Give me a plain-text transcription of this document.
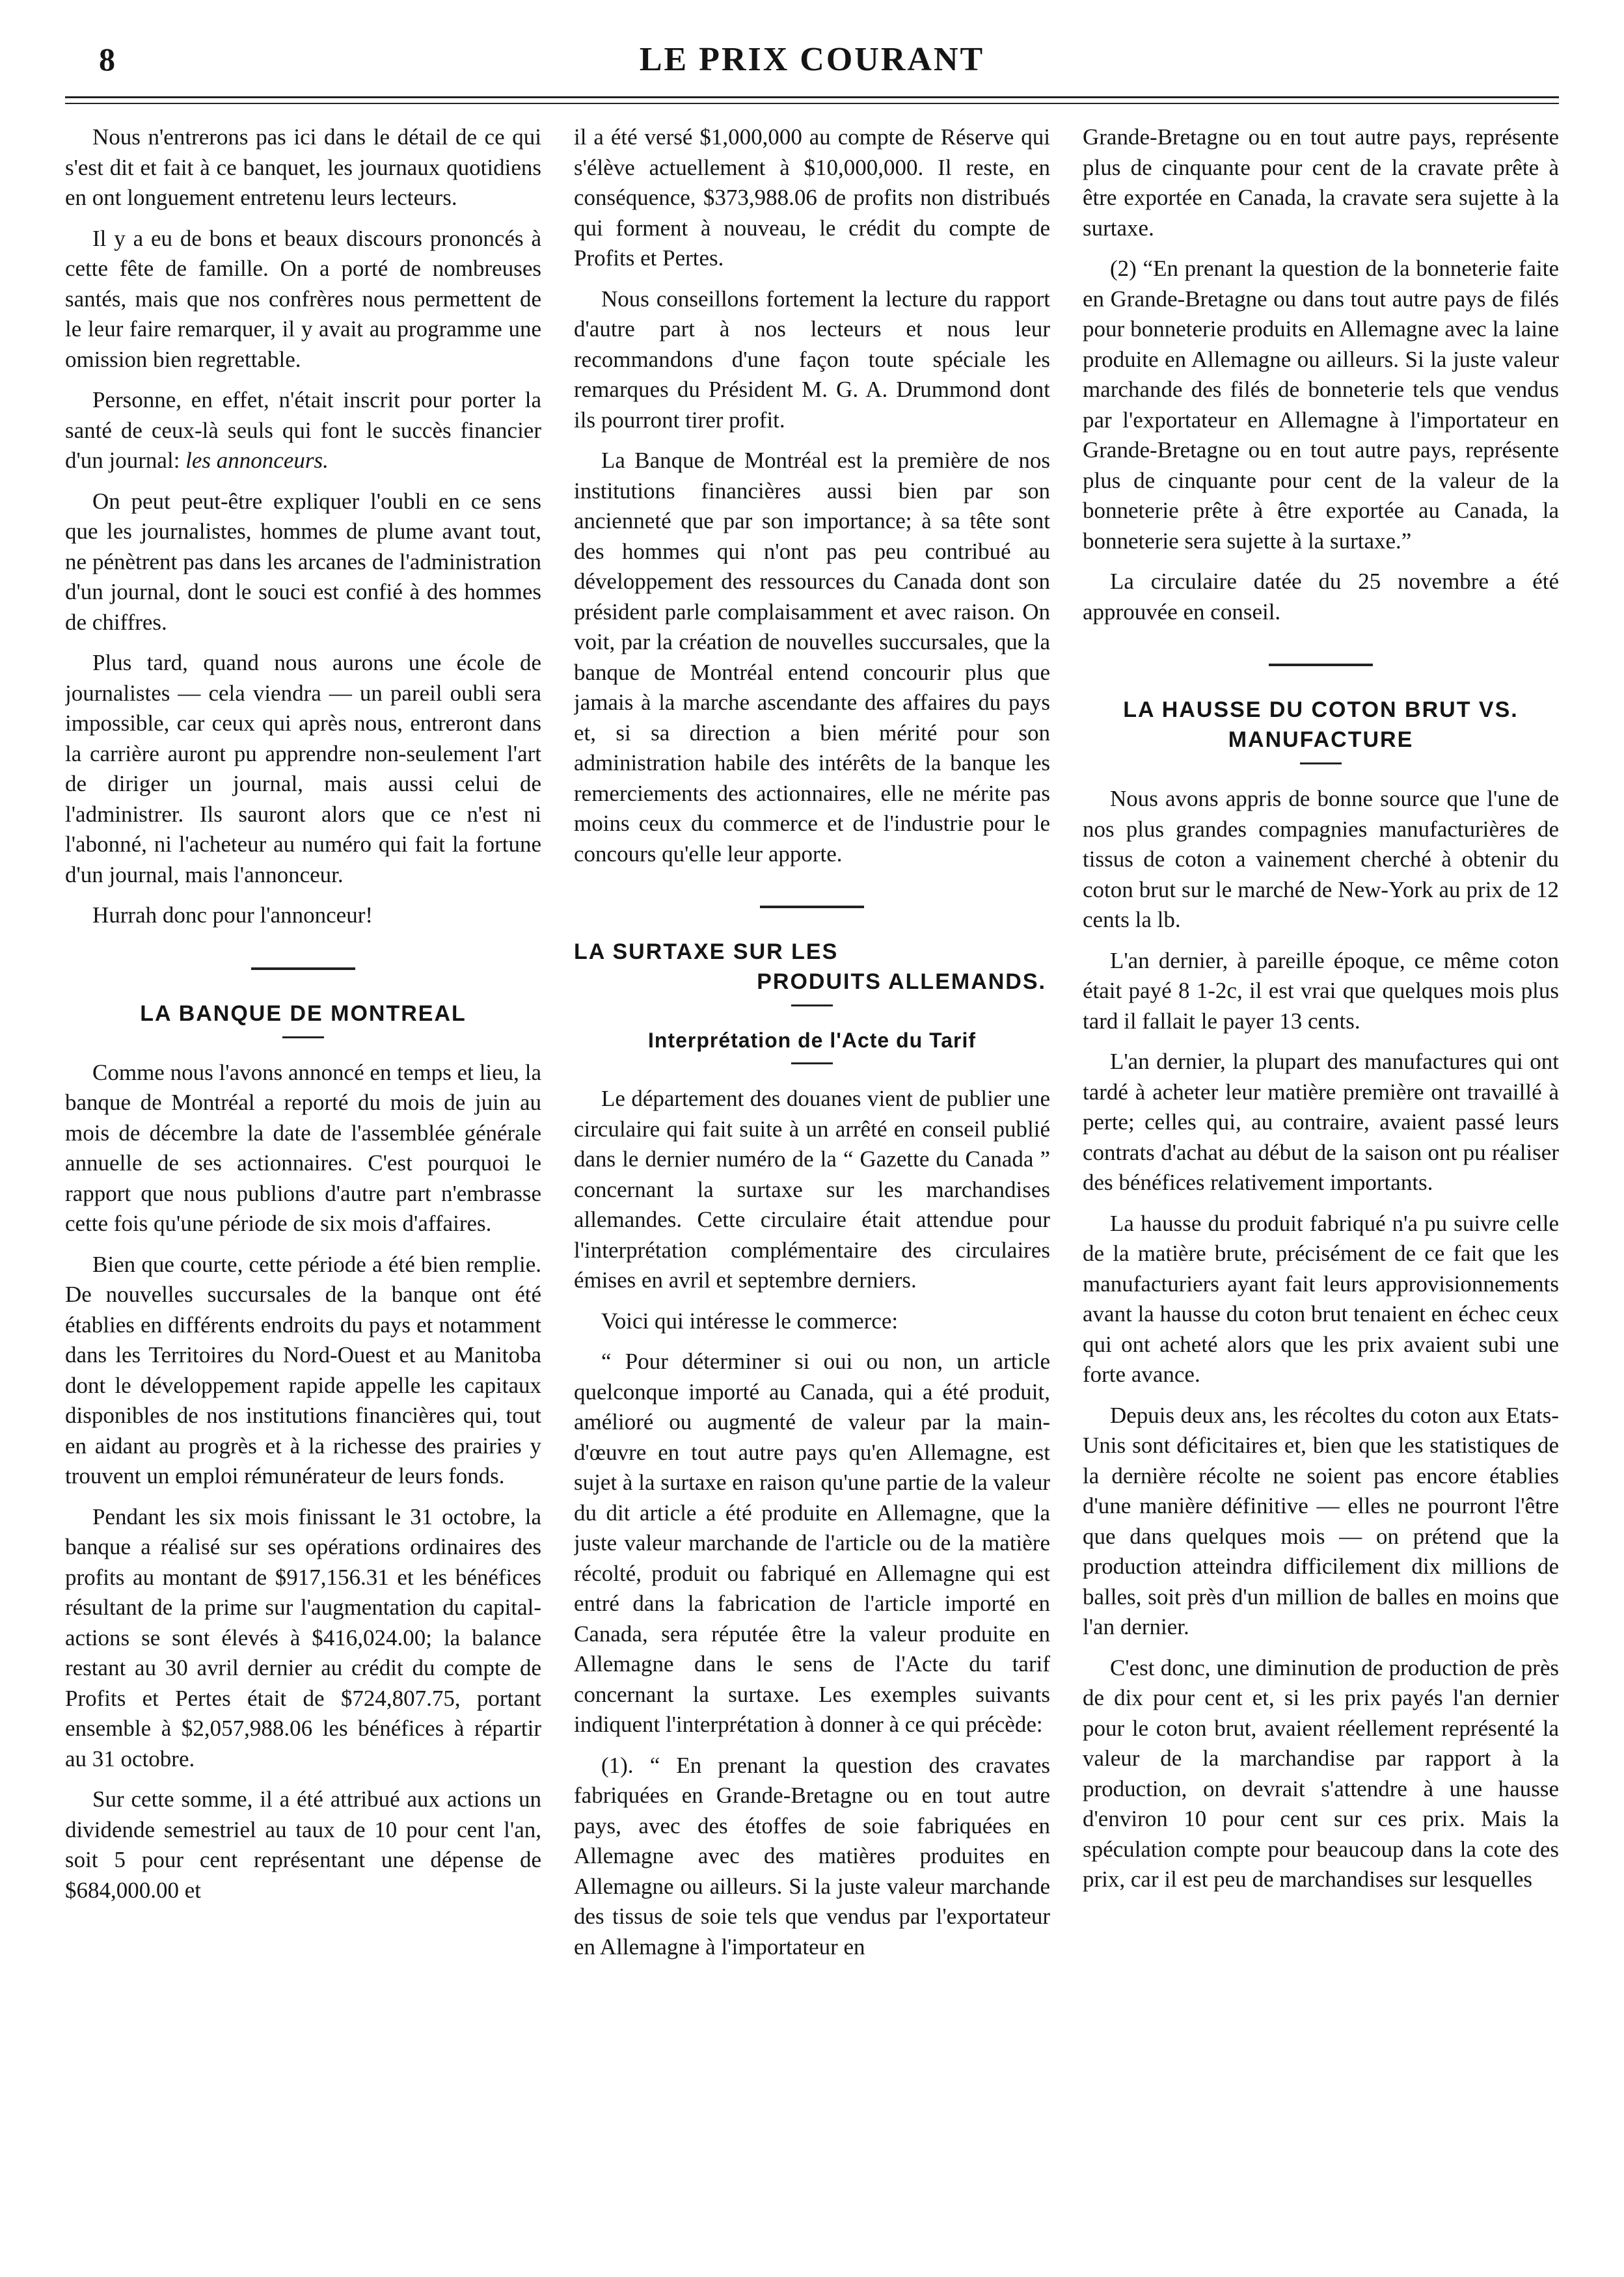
8	LE PRIX COURANT

Nous n'entrerons pas ici dans le détail de ce qui s'est dit et fait à ce banquet, les journaux quotidiens en ont longuement entretenu leurs lecteurs.

Il y a eu de bons et beaux discours prononcés à cette fête de famille. On a porté de nombreuses santés, mais que nos confrères nous permettent de le leur faire remarquer, il y avait au programme une omission bien regrettable.

Personne, en effet, n'était inscrit pour porter la santé de ceux-là seuls qui font le succès financier d'un journal: les annonceurs.

On peut peut-être expliquer l'oubli en ce sens que les journalistes, hommes de plume avant tout, ne pénètrent pas dans les arcanes de l'administration d'un journal, dont le souci est confié à des hommes de chiffres.

Plus tard, quand nous aurons une école de journalistes — cela viendra — un pareil oubli sera impossible, car ceux qui après nous, entreront dans la carrière auront pu apprendre non-seulement l'art de diriger un journal, mais aussi celui de l'administrer. Ils sauront alors que ce n'est ni l'abonné, ni l'acheteur au numéro qui fait la fortune d'un journal, mais l'annonceur.

Hurrah donc pour l'annonceur!

LA BANQUE DE MONTREAL

Comme nous l'avons annoncé en temps et lieu, la banque de Montréal a reporté du mois de juin au mois de décembre la date de l'assemblée générale annuelle de ses actionnaires. C'est pourquoi le rapport que nous publions d'autre part n'embrasse cette fois qu'une période de six mois d'affaires.

Bien que courte, cette période a été bien remplie. De nouvelles succursales de la banque ont été établies en différents endroits du pays et notamment dans les Territoires du Nord-Ouest et au Manitoba dont le développement rapide appelle les capitaux disponibles de nos institutions financières qui, tout en aidant au progrès et à la richesse des prairies y trouvent un emploi rémunérateur de leurs fonds.

Pendant les six mois finissant le 31 octobre, la banque a réalisé sur ses opérations ordinaires des profits au montant de $917,156.31 et les bénéfices résultant de la prime sur l'augmentation du capital-actions se sont élevés à $416,024.00; la balance restant au 30 avril dernier au crédit du compte de Profits et Pertes était de $724,807.75, portant ensemble à $2,057,988.06 les bénéfices à répartir au 31 octobre.

Sur cette somme, il a été attribué aux actions un dividende semestriel au taux de 10 pour cent l'an, soit 5 pour cent représentant une dépense de $684,000.00 et

il a été versé $1,000,000 au compte de Réserve qui s'élève actuellement à $10,000,000. Il reste, en conséquence, $373,988.06 de profits non distribués qui forment à nouveau, le crédit du compte de Profits et Pertes.

Nous conseillons fortement la lecture du rapport d'autre part à nos lecteurs et nous leur recommandons d'une façon toute spéciale les remarques du Président M. G. A. Drummond dont ils pourront tirer profit.

La Banque de Montréal est la première de nos institutions financières aussi bien par son ancienneté que par son importance; à sa tête sont des hommes qui n'ont pas peu contribué au développement des ressources du Canada dont son président parle complaisamment et avec raison. On voit, par la création de nouvelles succursales, que la banque de Montréal entend concourir plus que jamais à la marche ascendante des affaires du pays et, si sa direction a bien mérité pour son administration habile des intérêts de la banque les remerciements des actionnaires, elle ne mérite pas moins ceux du commerce et de l'industrie pour le concours qu'elle leur apporte.

LA SURTAXE SUR LES
PRODUITS ALLEMANDS.
Interprétation de l'Acte du Tarif

Le département des douanes vient de publier une circulaire qui fait suite à un arrêté en conseil publié dans le dernier numéro de la “ Gazette du Canada ” concernant la surtaxe sur les marchandises allemandes. Cette circulaire était attendue pour l'interprétation complémentaire des circulaires émises en avril et septembre derniers.

Voici qui intéresse le commerce:

“ Pour déterminer si oui ou non, un article quelconque importé au Canada, qui a été produit, amélioré ou augmenté de valeur par la main-d'œuvre en tout autre pays qu'en Allemagne, est sujet à la surtaxe en raison qu'une partie de la valeur du dit article a été produite en Allemagne, que la juste valeur marchande de l'article ou de la matière récolté, produit ou fabriqué en Allemagne qui est entré dans la fabrication de l'article importé en Canada, sera réputée être la valeur produite en Allemagne dans le sens de l'Acte du tarif concernant la surtaxe. Les exemples suivants indiquent l'interprétation à donner à ce qui précède:

(1). “ En prenant la question des cravates fabriquées en Grande-Bretagne ou en tout autre pays, avec des étoffes de soie fabriquées en Allemagne avec des matières produites en Allemagne ou ailleurs. Si la juste valeur marchande des tissus de soie tels que vendus par l'exportateur en Allemagne à l'importateur en

Grande-Bretagne ou en tout autre pays, représente plus de cinquante pour cent de la cravate prête à être exportée en Canada, la cravate sera sujette à la surtaxe.

(2) “En prenant la question de la bonneterie faite en Grande-Bretagne ou dans tout autre pays de filés pour bonneterie produits en Allemagne avec la laine produite en Allemagne ou ailleurs. Si la juste valeur marchande des filés de bonneterie tels que vendus par l'exportateur en Allemagne à l'importateur en Grande-Bretagne ou en tout autre pays, représente plus de cinquante pour cent de la valeur de la bonneterie prête à être exportée au Canada, la bonneterie sera sujette à la surtaxe.”

La circulaire datée du 25 novembre a été approuvée en conseil.

LA HAUSSE DU COTON BRUT VS.
MANUFACTURE

Nous avons appris de bonne source que l'une de nos plus grandes compagnies manufacturières de tissus de coton a vainement cherché à obtenir du coton brut sur le marché de New-York au prix de 12 cents la lb.

L'an dernier, à pareille époque, ce même coton était payé 8 1-2c, il est vrai que quelques mois plus tard il fallait le payer 13 cents.

L'an dernier, la plupart des manufactures qui ont tardé à acheter leur matière première ont travaillé à perte; celles qui, au contraire, avaient passé leurs contrats d'achat au début de la saison ont pu réaliser des bénéfices relativement importants.

La hausse du produit fabriqué n'a pu suivre celle de la matière brute, précisément de ce fait que les manufacturiers ayant fait leurs approvisionnements avant la hausse du coton brut tenaient en échec ceux qui ont acheté alors que les prix avaient subi une forte avance.

Depuis deux ans, les récoltes du coton aux Etats-Unis sont déficitaires et, bien que les statistiques de la dernière récolte ne soient pas encore établies d'une manière définitive — elles ne pourront l'être que dans quelques mois — on prétend que la production atteindra difficilement dix millions de balles, soit près d'un million de balles en moins que l'an dernier.

C'est donc, une diminution de production de près de dix pour cent et, si les prix payés l'an dernier pour le coton brut, avaient réellement représenté la valeur de la marchandise par rapport à la production, on devrait s'attendre à une hausse d'environ 10 pour cent sur ces prix. Mais la spéculation compte pour beaucoup dans la cote des prix, car il est peu de marchandises sur lesquelles
